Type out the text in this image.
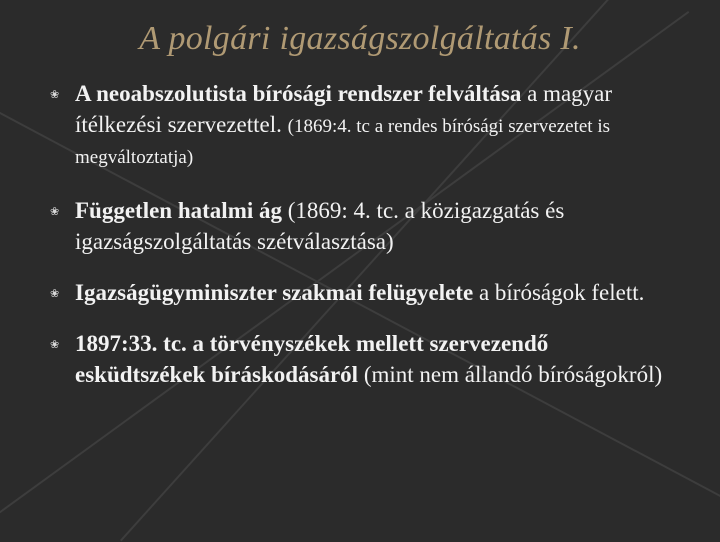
A polgári igazságszolgáltatás I.
❀ A neoabszolutista bírósági rendszer felváltása a magyar ítélkezési szervezettel. (1869:4. tc a rendes bírósági szervezetet is megváltoztatja)
❀ Független hatalmi ág (1869: 4. tc. a közigazgatás és igazságszolgáltatás szétválasztása)
❀ Igazságügyminiszter szakmai felügyelete a bíróságok felett.
❀ 1897:33. tc. a törvényszékek mellett szervezendő esküdtszékek bíráskodásáról (mint nem állandó bíróságokról)
